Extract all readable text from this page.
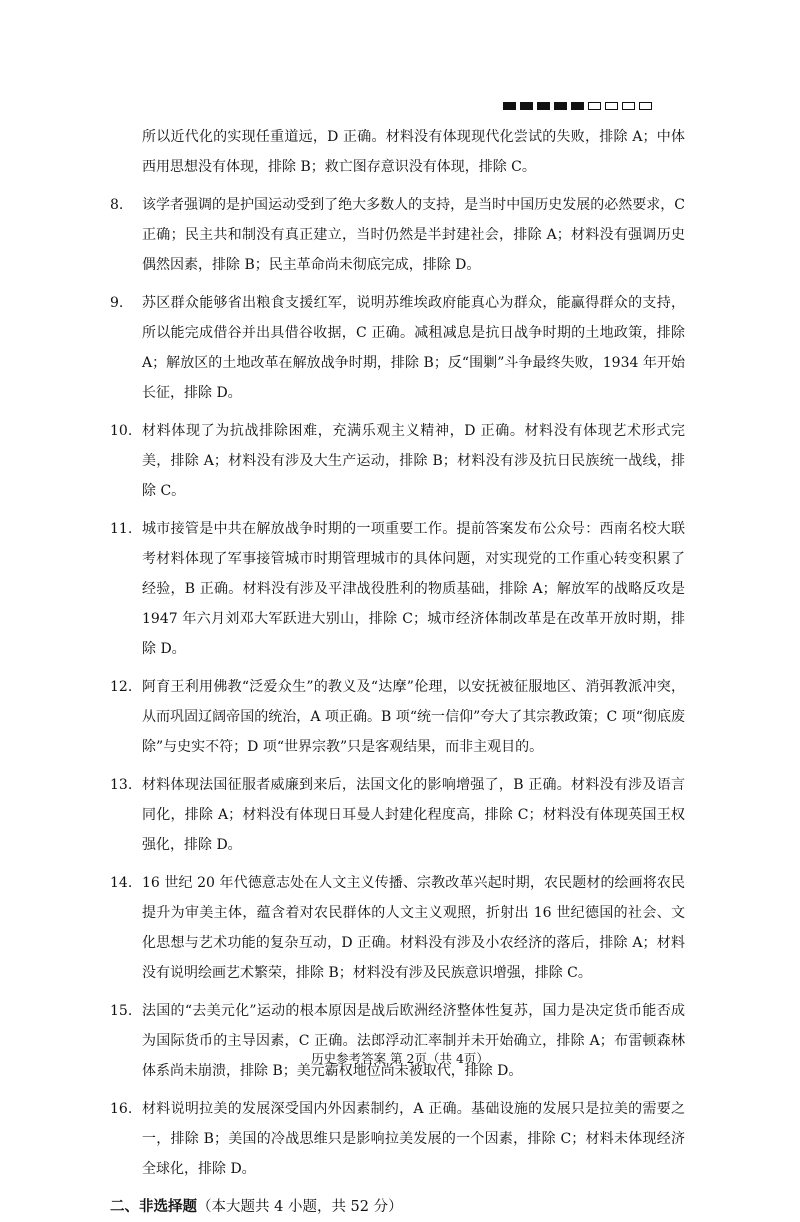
所以近代化的实现任重道远，D 正确。材料没有体现现代化尝试的失败，排除 A；中体西用思想没有体现，排除 B；救亡图存意识没有体现，排除 C。

8.	该学者强调的是护国运动受到了绝大多数人的支持，是当时中国历史发展的必然要求，C 正确；民主共和制没有真正建立，当时仍然是半封建社会，排除 A；材料没有强调历史偶然因素，排除 B；民主革命尚未彻底完成，排除 D。
9.	苏区群众能够省出粮食支援红军，说明苏维埃政府能真心为群众，能赢得群众的支持，所以能完成借谷并出具借谷收据，C 正确。减租减息是抗日战争时期的土地政策，排除 A；解放区的土地改革在解放战争时期，排除 B；反“围剿”斗争最终失败，1934 年开始长征，排除 D。
10. 材料体现了为抗战排除困难，充满乐观主义精神，D 正确。材料没有体现艺术形式完美，排除 A；材料没有涉及大生产运动，排除 B；材料没有涉及抗日民族统一战线，排除 C。
11. 城市接管是中共在解放战争时期的一项重要工作。提前答案发布公众号：西南名校大联考材料体现了军事接管城市时期管理城市的具体问题，对实现党的工作重心转变积累了经验，B 正确。材料没有涉及平津战役胜利的物质基础，排除 A；解放军的战略反攻是 1947 年六月刘邓大军跃进大别山，排除 C；城市经济体制改革是在改革开放时期，排除 D。
12. 阿育王利用佛教“泛爱众生”的教义及“达摩”伦理，以安抚被征服地区、消弭教派冲突，从而巩固辽阔帝国的统治，A 项正确。B 项“统一信仰”夸大了其宗教政策；C 项“彻底废除”与史实不符；D 项“世界宗教”只是客观结果，而非主观目的。
13. 材料体现法国征服者威廉到来后，法国文化的影响增强了，B 正确。材料没有涉及语言同化，排除 A；材料没有体现日耳曼人封建化程度高，排除 C；材料没有体现英国王权强化，排除 D。
14. 16 世纪 20 年代德意志处在人文主义传播、宗教改革兴起时期，农民题材的绘画将农民提升为审美主体，蕴含着对农民群体的人文主义观照，折射出 16 世纪德国的社会、文化思想与艺术功能的复杂互动，D 正确。材料没有涉及小农经济的落后，排除 A；材料没有说明绘画艺术繁荣，排除 B；材料没有涉及民族意识增强，排除 C。
15. 法国的“去美元化”运动的根本原因是战后欧洲经济整体性复苏，国力是决定货币能否成为国际货币的主导因素，C 正确。法郎浮动汇率制并未开始确立，排除 A；布雷顿森林体系尚未崩溃，排除 B；美元霸权地位尚未被取代，排除 D。
16. 材料说明拉美的发展深受国内外因素制约，A 正确。基础设施的发展只是拉美的需要之一，排除 B；美国的冷战思维只是影响拉美发展的一个因素，排除 C；材料未体现经济全球化，排除 D。
二、非选择题（本大题共 4 小题，共 52 分）
历史参考答案 第 2页（共 4页）
